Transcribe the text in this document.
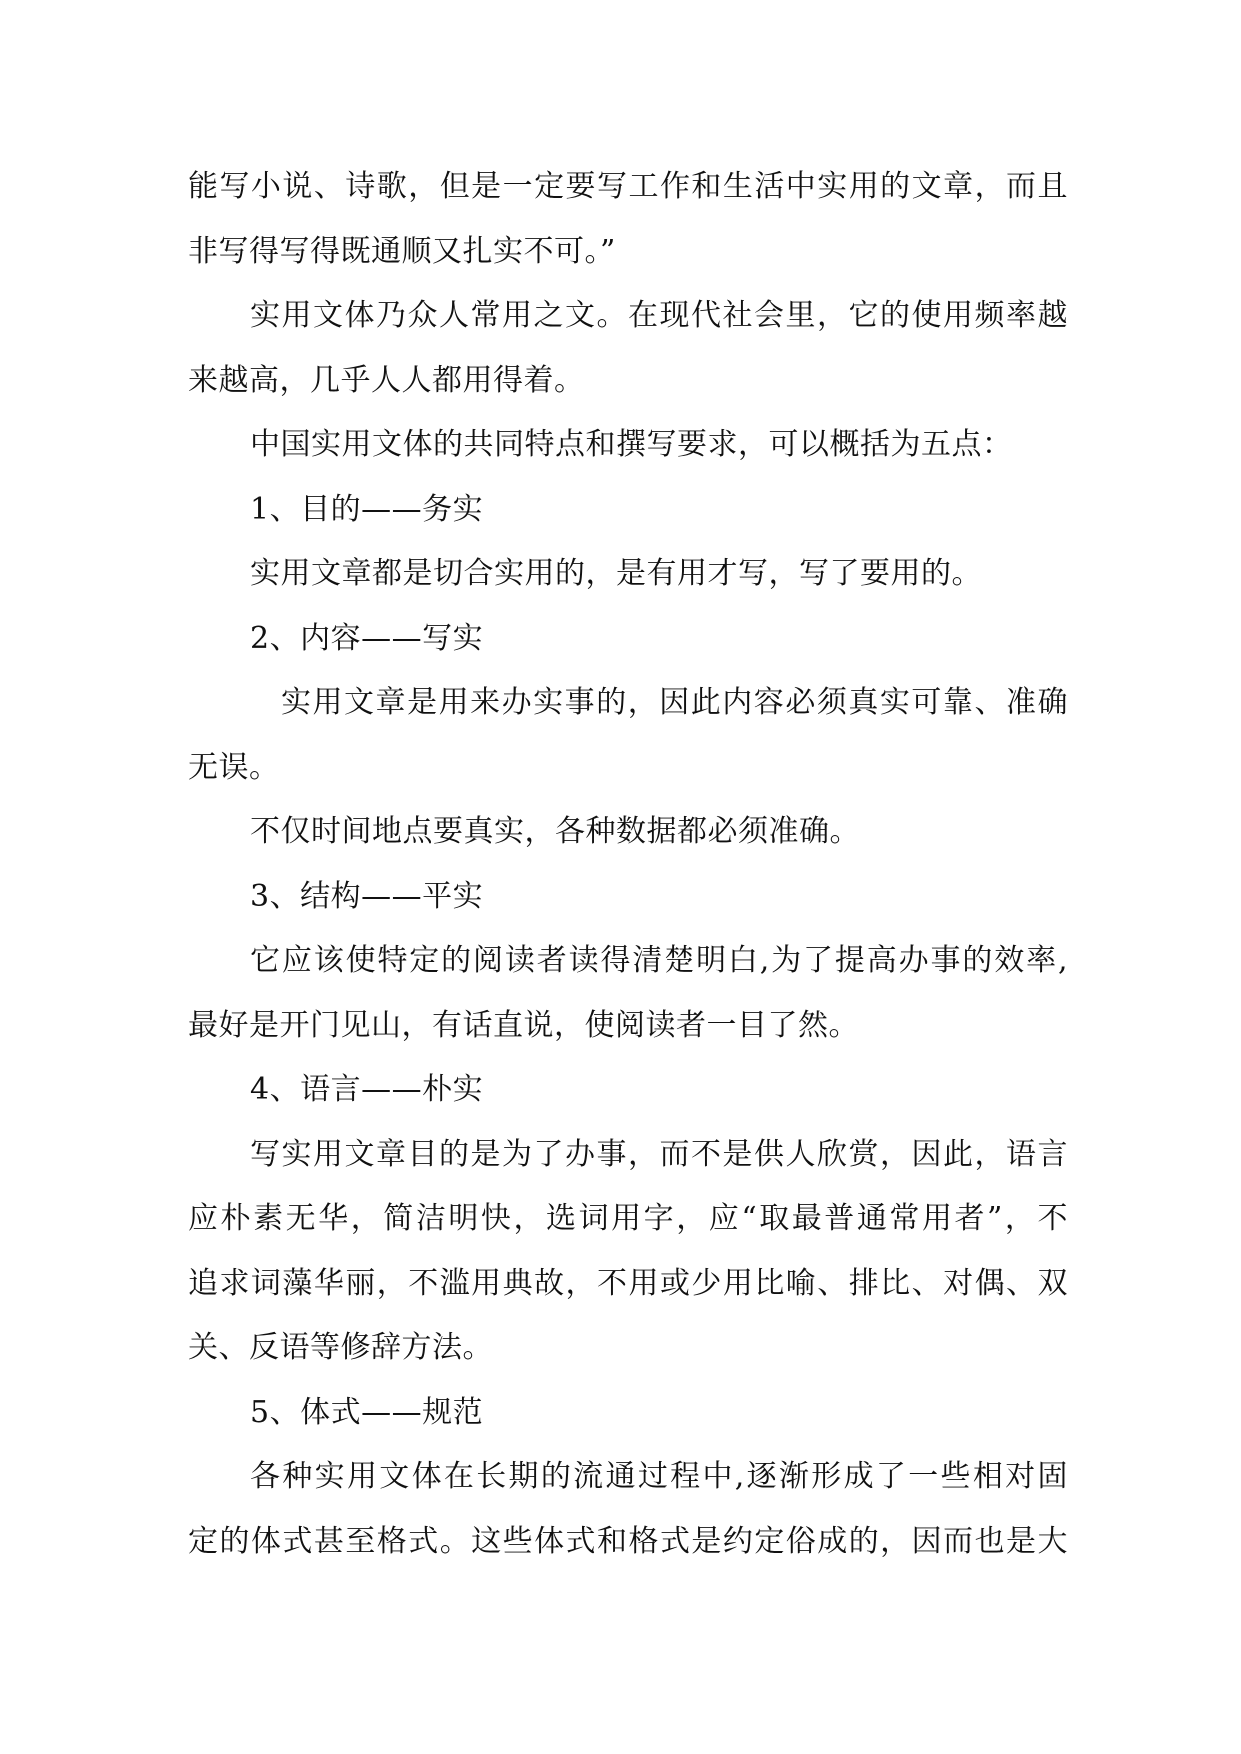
能写小说、诗歌，但是一定要写工作和生活中实用的文章，而且
非写得写得既通顺又扎实不可。”
实用文体乃众人常用之文。在现代社会里，它的使用频率越
来越高，几乎人人都用得着。
中国实用文体的共同特点和撰写要求，可以概括为五点：
1、目的——务实
实用文章都是切合实用的，是有用才写，写了要用的。
2、内容——写实
实用文章是用来办实事的，因此内容必须真实可靠、准确
无误。
不仅时间地点要真实，各种数据都必须准确。
3、结构——平实
它应该使特定的阅读者读得清楚明白,为了提高办事的效率,
最好是开门见山，有话直说，使阅读者一目了然。
4、语言——朴实
写实用文章目的是为了办事，而不是供人欣赏，因此，语言
应朴素无华，简洁明快，选词用字，应“取最普通常用者”，不
追求词藻华丽，不滥用典故，不用或少用比喻、排比、对偶、双
关、反语等修辞方法。
5、体式——规范
各种实用文体在长期的流通过程中,逐渐形成了一些相对固
定的体式甚至格式。这些体式和格式是约定俗成的，因而也是大
